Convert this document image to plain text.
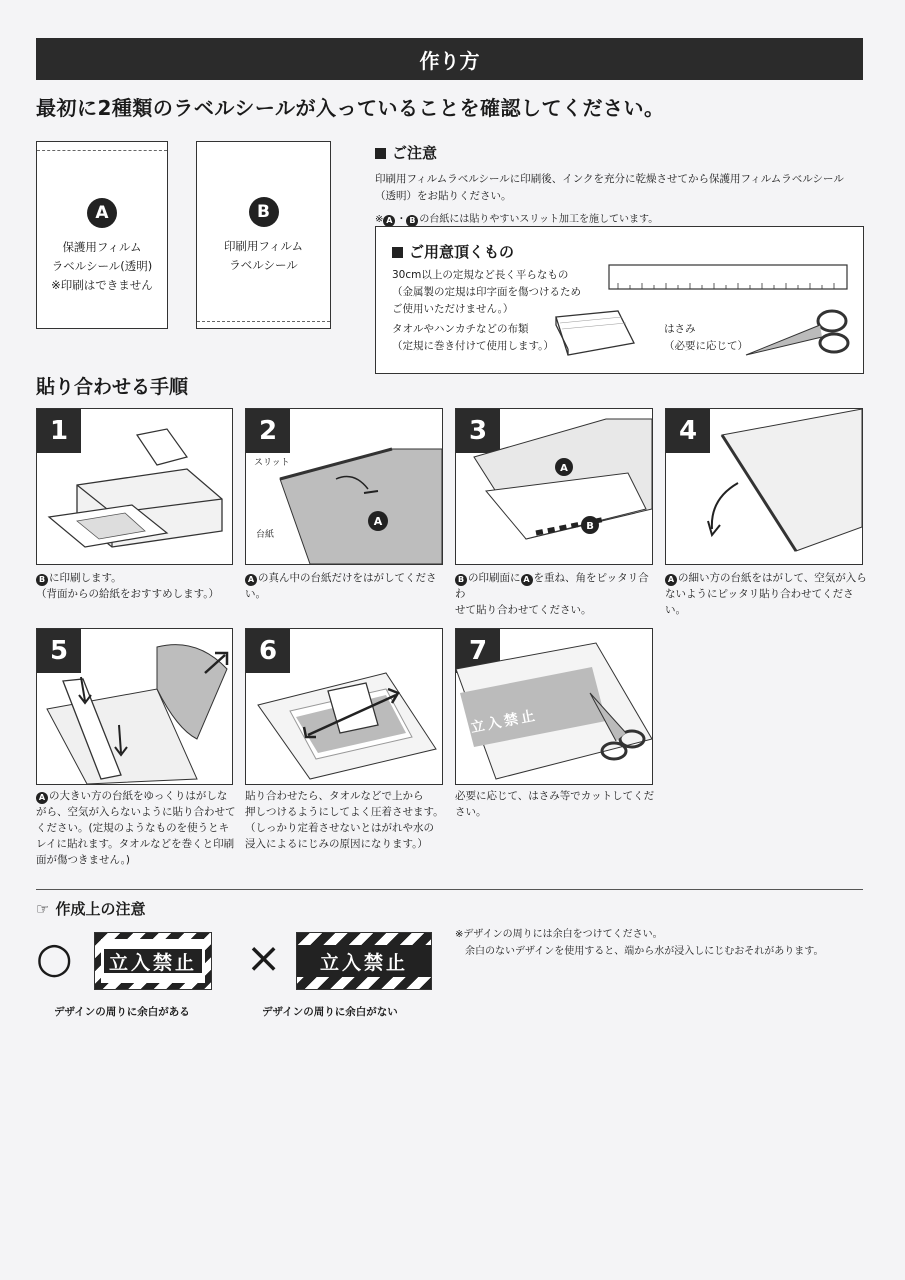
作り方
最初に2種類のラベルシールが入っていることを確認してください。
A
保護用フィルム
ラベルシール(透明)
※印刷はできません
B
印刷用フィルム
ラベルシール
ご注意
印刷用フィルムラベルシールに印刷後、インクを充分に乾燥させてから保護用フィルムラベルシール
（透明）をお貼りください。
※ A ・ B の台紙には貼りやすいスリット加工を施しています。
ご用意頂くもの
30cm以上の定規など長く平らなもの
（金属製の定規は印字面を傷つけるため
ご使用いただけません。）
タオルやハンカチなどの布類
（定規に巻き付けて使用します。）
はさみ
（必要に応じて）
貼り合わせる手順
1	2
A
スリット
台紙
3
A
B
4
B に印刷します。
（背面からの給紙をおすすめします。）
A の真ん中の台紙だけをはがしてください。
B の印刷面に A を重ね、角をピッタリ合わ
せて貼り合わせてください。
A の細い方の台紙をはがして、空気が入ら
ないようにピッタリ貼り合わせてください。
5	6	7
立入禁止
A の大きい方の台紙をゆっくりはがしな
がら、空気が入らないように貼り合わせて
ください。(定規のようなものを使うとキ
レイに貼れます。タオルなどを巻くと印刷
面が傷つきません。)
貼り合わせたら、タオルなどで上から
押しつけるようにしてよく圧着させます。
（しっかり定着させないとはがれや水の
浸入によるにじみの原因になります。）
必要に応じて、はさみ等でカットしてくだ
さい。
☞ 作成上の注意
○ 立入禁止
デザインの周りに余白がある
×	立入禁止
デザインの周りに余白がない
※デザインの周りには余白をつけてください。
余白のないデザインを使用すると、端から水が浸入しにじむおそれがあります。
